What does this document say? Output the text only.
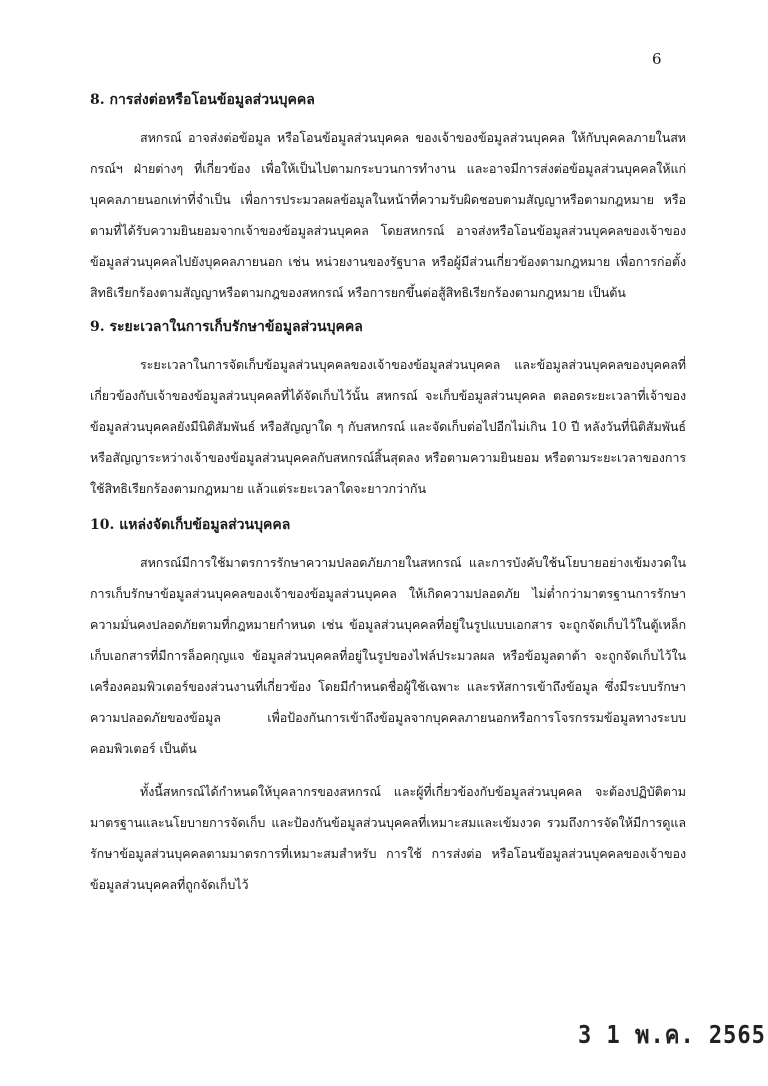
6
8. การส่งต่อหรือโอนข้อมูลส่วนบุคคล

สหกรณ์ อาจส่งต่อข้อมูล หรือโอนข้อมูลส่วนบุคคล ของเจ้าของข้อมูลส่วนบุคคล ให้กับบุคคลภายในสหกรณ์ฯ ฝ่ายต่างๆ ที่เกี่ยวข้อง เพื่อให้เป็นไปตามกระบวนการทำงาน และอาจมีการส่งต่อข้อมูลส่วนบุคคลให้แก่บุคคลภายนอกเท่าที่จำเป็น เพื่อการประมวลผลข้อมูลในหน้าที่ความรับผิดชอบตามสัญญาหรือตามกฎหมาย หรือตามที่ได้รับความยินยอมจากเจ้าของข้อมูลส่วนบุคคล โดยสหกรณ์ อาจส่งหรือโอนข้อมูลส่วนบุคคลของเจ้าของข้อมูลส่วนบุคคลไปยังบุคคลภายนอก เช่น หน่วยงานของรัฐบาล หรือผู้มีส่วนเกี่ยวข้องตามกฎหมาย เพื่อการก่อตั้งสิทธิเรียกร้องตามสัญญาหรือตามกฎของสหกรณ์ หรือการยกขึ้นต่อสู้สิทธิเรียกร้องตามกฎหมาย เป็นต้น

9. ระยะเวลาในการเก็บรักษาข้อมูลส่วนบุคคล

ระยะเวลาในการจัดเก็บข้อมูลส่วนบุคคลของเจ้าของข้อมูลส่วนบุคคล และข้อมูลส่วนบุคคลของบุคคลที่เกี่ยวข้องกับเจ้าของข้อมูลส่วนบุคคลที่ได้จัดเก็บไว้นั้น สหกรณ์ จะเก็บข้อมูลส่วนบุคคล ตลอดระยะเวลาที่เจ้าของข้อมูลส่วนบุคคลยังมีนิติสัมพันธ์ หรือสัญญาใด ๆ กับสหกรณ์ และจัดเก็บต่อไปอีกไม่เกิน 10 ปี หลังวันที่นิติสัมพันธ์ หรือสัญญาระหว่างเจ้าของข้อมูลส่วนบุคคลกับสหกรณ์สิ้นสุดลง หรือตามความยินยอม หรือตามระยะเวลาของการใช้สิทธิเรียกร้องตามกฎหมาย แล้วแต่ระยะเวลาใดจะยาวกว่ากัน

10. แหล่งจัดเก็บข้อมูลส่วนบุคคล

สหกรณ์มีการใช้มาตรการรักษาความปลอดภัยภายในสหกรณ์ และการบังคับใช้นโยบายอย่างเข้มงวดในการเก็บรักษาข้อมูลส่วนบุคคลของเจ้าของข้อมูลส่วนบุคคล ให้เกิดความปลอดภัย ไม่ต่ำกว่ามาตรฐานการรักษาความมั่นคงปลอดภัยตามที่กฎหมายกำหนด เช่น ข้อมูลส่วนบุคคลที่อยู่ในรูปแบบเอกสาร จะถูกจัดเก็บไว้ในตู้เหล็กเก็บเอกสารที่มีการล็อคกุญแจ ข้อมูลส่วนบุคคลที่อยู่ในรูปของไฟล์ประมวลผล หรือข้อมูลดาต้า จะถูกจัดเก็บไว้ในเครื่องคอมพิวเตอร์ของส่วนงานที่เกี่ยวข้อง โดยมีกำหนดชื่อผู้ใช้เฉพาะ และรหัสการเข้าถึงข้อมูล ซึ่งมีระบบรักษาความปลอดภัยของข้อมูล เพื่อป้องกันการเข้าถึงข้อมูลจากบุคคลภายนอกหรือการโจรกรรมข้อมูลทางระบบคอมพิวเตอร์ เป็นต้น

ทั้งนี้สหกรณ์ได้กำหนดให้บุคลากรของสหกรณ์ และผู้ที่เกี่ยวข้องกับข้อมูลส่วนบุคคล จะต้องปฏิบัติตามมาตรฐานและนโยบายการจัดเก็บ และป้องกันข้อมูลส่วนบุคคลที่เหมาะสมและเข้มงวด รวมถึงการจัดให้มีการดูแลรักษาข้อมูลส่วนบุคคลตามมาตรการที่เหมาะสมสำหรับ การใช้ การส่งต่อ หรือโอนข้อมูลส่วนบุคคลของเจ้าของข้อมูลส่วนบุคคลที่ถูกจัดเก็บไว้

3 1 พ.ค. 2565
